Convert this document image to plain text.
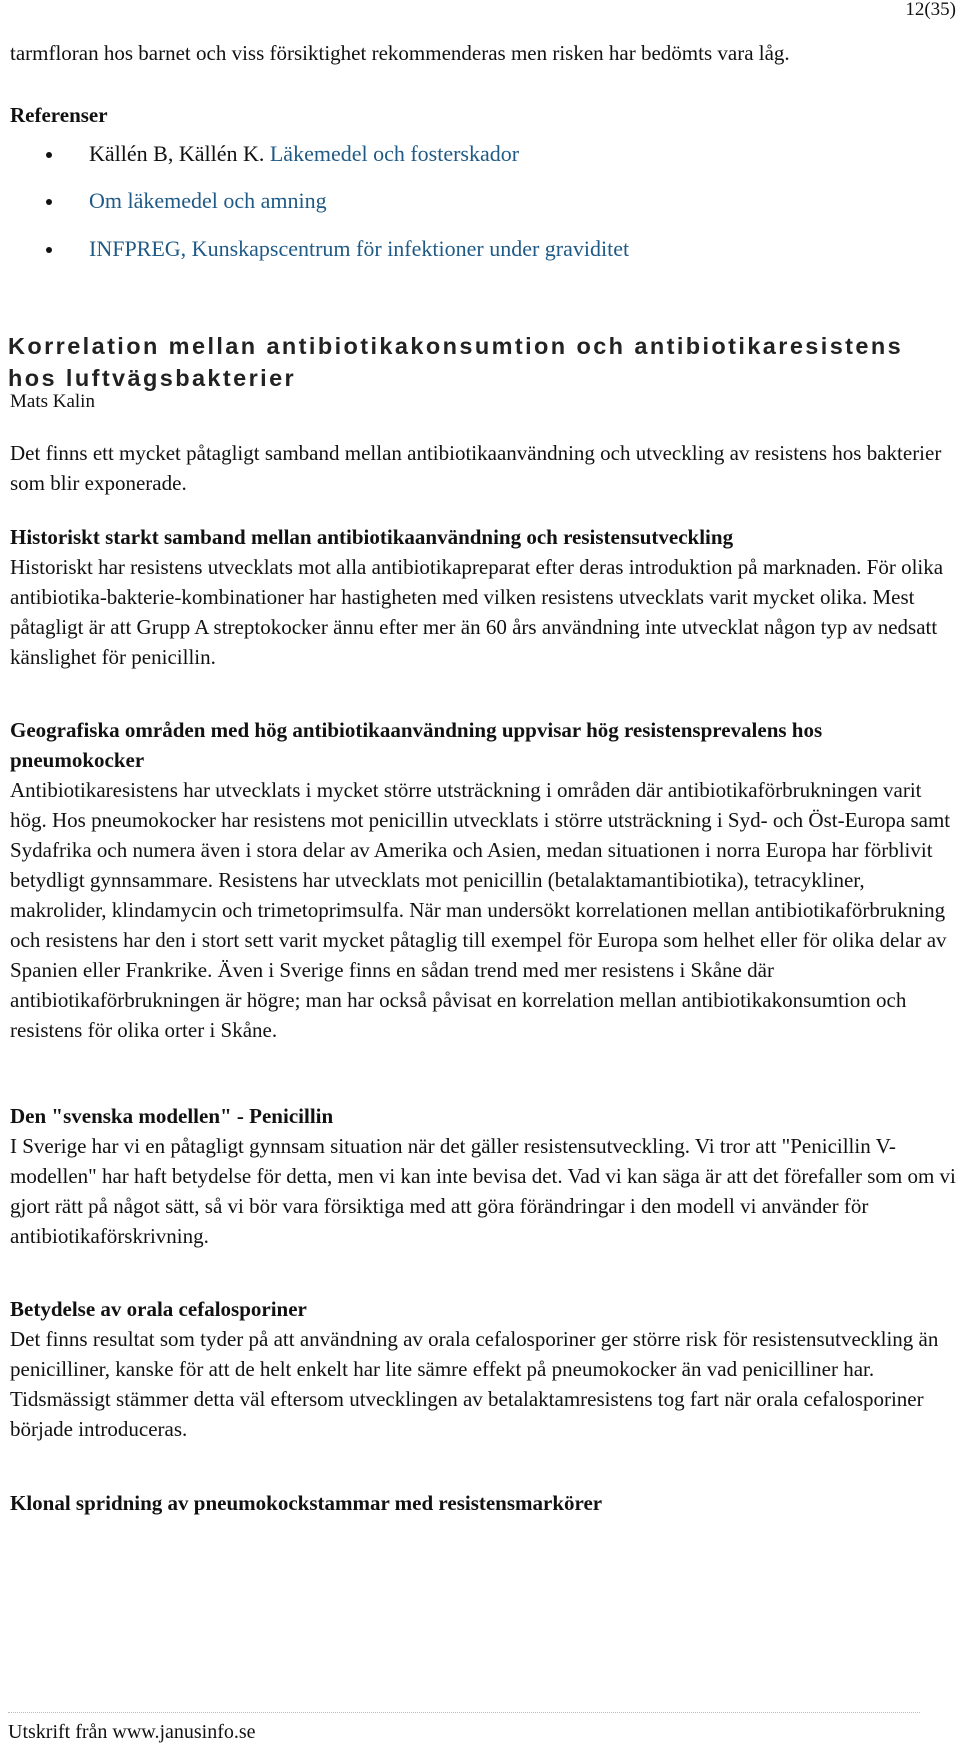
12(35)

tarmfloran hos barnet och viss försiktighet rekommenderas men risken har bedömts vara låg.

Referenser
Källén B, Källén K. Läkemedel och fosterskador
Om läkemedel och amning
INFPREG, Kunskapscentrum för infektioner under graviditet
Korrelation mellan antibiotikakonsumtion och antibiotikaresistens hos luftvägsbakterier
Mats Kalin

Det finns ett mycket påtagligt samband mellan antibiotikaanvändning och utveckling av resistens hos bakterier som blir exponerade.

Historiskt starkt samband mellan antibiotikaanvändning och resistensutveckling
Historiskt har resistens utvecklats mot alla antibiotikapreparat efter deras introduktion på marknaden. För olika antibiotika-bakterie-kombinationer har hastigheten med vilken resistens utvecklats varit mycket olika. Mest påtagligt är att Grupp A streptokocker ännu efter mer än 60 års användning inte utvecklat någon typ av nedsatt känslighet för penicillin.
Geografiska områden med hög antibiotikaanvändning uppvisar hög resistensprevalens hos pneumokocker
Antibiotikaresistens har utvecklats i mycket större utsträckning i områden där antibiotikaförbrukningen varit hög. Hos pneumokocker har resistens mot penicillin utvecklats i större utsträckning i Syd- och Öst-Europa samt Sydafrika och numera även i stora delar av Amerika och Asien, medan situationen i norra Europa har förblivit betydligt gynnsammare. Resistens har utvecklats mot penicillin (betalaktamantibiotika), tetracykliner, makrolider, klindamycin och trimetoprimsulfa. När man undersökt korrelationen mellan antibiotikaförbrukning och resistens har den i stort sett varit mycket påtaglig till exempel för Europa som helhet eller för olika delar av Spanien eller Frankrike. Även i Sverige finns en sådan trend med mer resistens i Skåne där antibiotikaförbrukningen är högre; man har också påvisat en korrelation mellan antibiotikakonsumtion och resistens för olika orter i Skåne.
Den "svenska modellen" - Penicillin
I Sverige har vi en påtagligt gynnsam situation när det gäller resistensutveckling. Vi tror att "Penicillin V-modellen" har haft betydelse för detta, men vi kan inte bevisa det. Vad vi kan säga är att det förefaller som om vi gjort rätt på något sätt, så vi bör vara försiktiga med att göra förändringar i den modell vi använder för antibiotikaförskrivning.
Betydelse av orala cefalosporiner
Det finns resultat som tyder på att användning av orala cefalosporiner ger större risk för resistensutveckling än penicilliner, kanske för att de helt enkelt har lite sämre effekt på pneumokocker än vad penicilliner har. Tidsmässigt stämmer detta väl eftersom utvecklingen av betalaktamresistens tog fart när orala cefalosporiner började introduceras.
Klonal spridning av pneumokockstammar med resistensmarkörer
Utskrift från www.janusinfo.se
